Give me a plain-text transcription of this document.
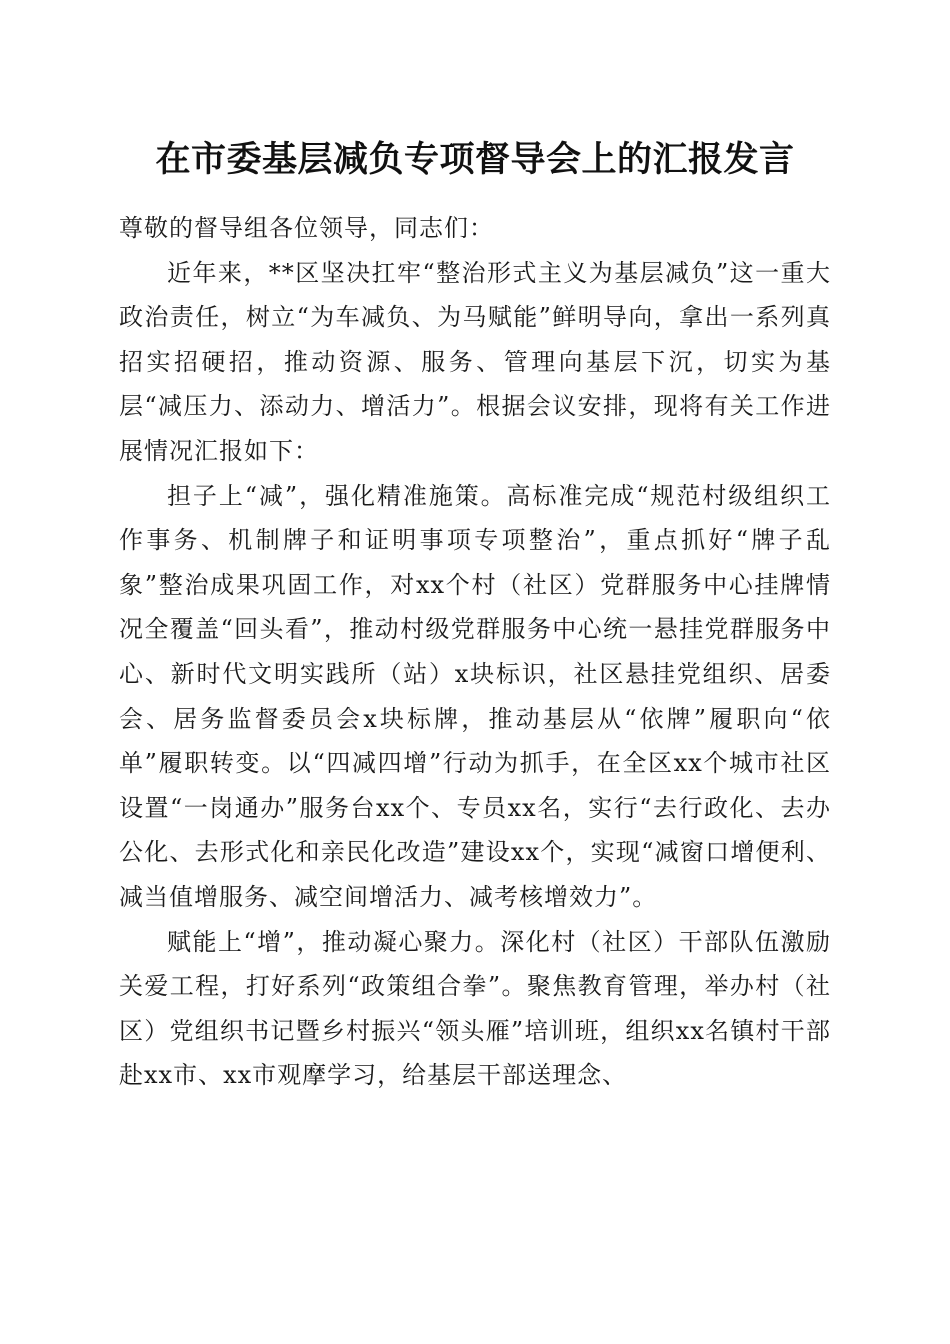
在市委基层减负专项督导会上的汇报发言

尊敬的督导组各位领导，同志们：

近年来，**区坚决扛牢“整治形式主义为基层减负”这一重大政治责任，树立“为车减负、为马赋能”鲜明导向，拿出一系列真招实招硬招，推动资源、服务、管理向基层下沉，切实为基层“减压力、添动力、增活力”。根据会议安排，现将有关工作进展情况汇报如下：

担子上“减”，强化精准施策。高标准完成“规范村级组织工作事务、机制牌子和证明事项专项整治”，重点抓好“牌子乱象”整治成果巩固工作，对xx个村（社区）党群服务中心挂牌情况全覆盖“回头看”，推动村级党群服务中心统一悬挂党群服务中心、新时代文明实践所（站）x块标识，社区悬挂党组织、居委会、居务监督委员会x块标牌，推动基层从“依牌”履职向“依单”履职转变。以“四减四增”行动为抓手，在全区xx个城市社区设置“一岗通办”服务台xx个、专员xx名，实行“去行政化、去办公化、去形式化和亲民化改造”建设xx个，实现“减窗口增便利、减当值增服务、减空间增活力、减考核增效力”。

赋能上“增”，推动凝心聚力。深化村（社区）干部队伍激励关爱工程，打好系列“政策组合拳”。聚焦教育管理，举办村（社区）党组织书记暨乡村振兴“领头雁”培训班，组织xx名镇村干部赴xx市、xx市观摩学习，给基层干部送理念、
